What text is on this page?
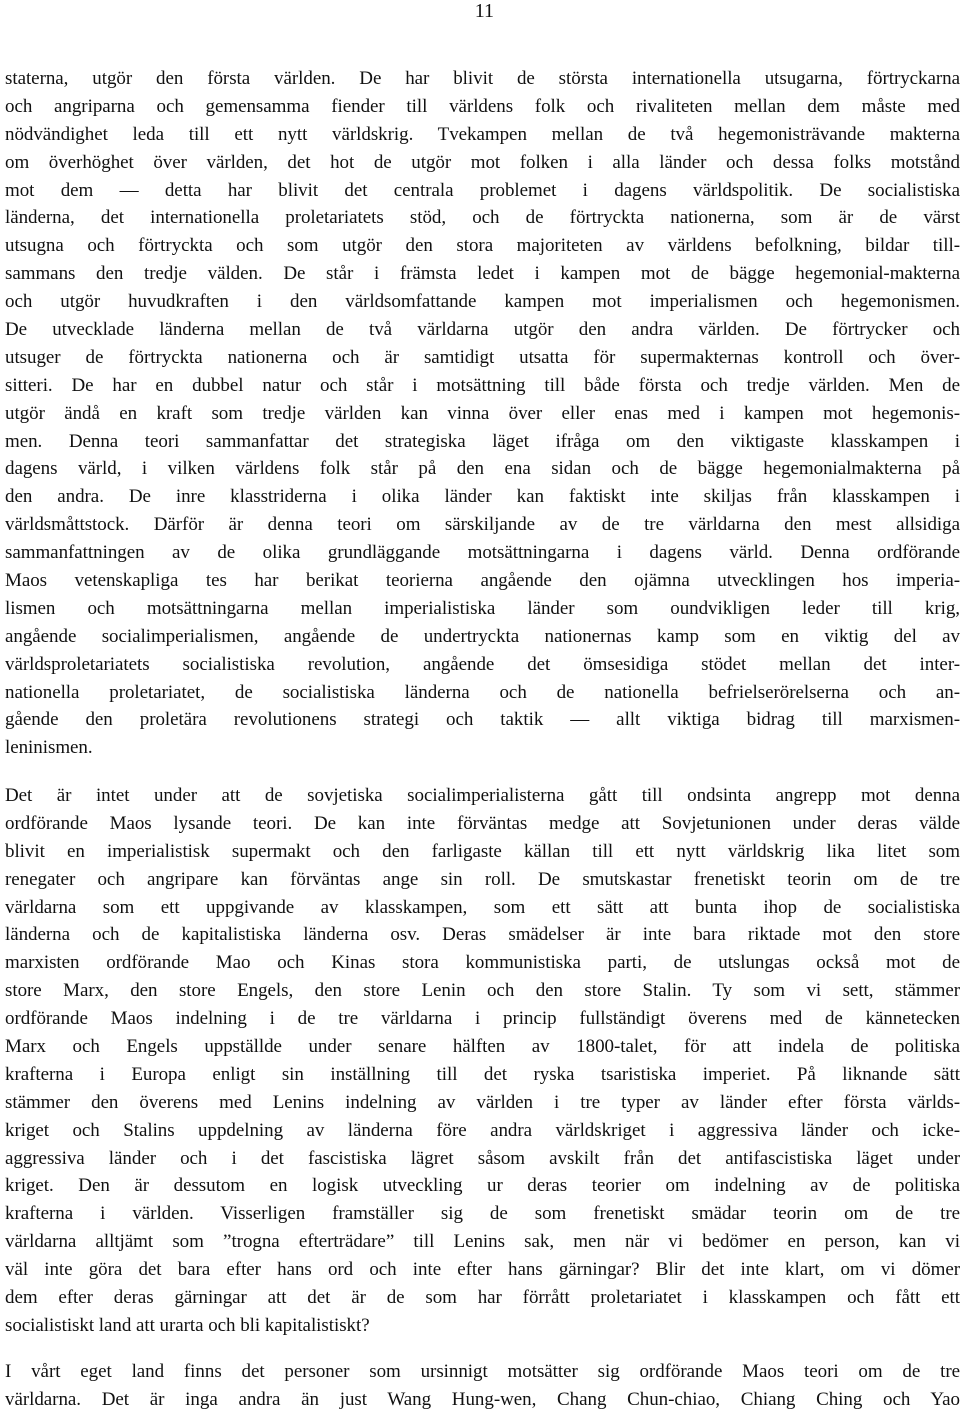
11
staterna, utgör den första världen. De har blivit de största internationella utsugarna, förtryckarna
och angriparna och gemensamma fiender till världens folk och rivaliteten mellan dem måste med
nödvändighet leda till ett nytt världskrig. Tvekampen mellan de två hegemonisträvande makterna
om överhöghet över världen, det hot de utgör mot folken i alla länder och dessa folks motstånd
mot dem — detta har blivit det centrala problemet i dagens världspolitik. De socialistiska
länderna, det internationella proletariatets stöd, och de förtryckta nationerna, som är de värst
utsugna och förtryckta och som utgör den stora majoriteten av världens befolkning, bildar till-
sammans den tredje välden. De står i främsta ledet i kampen mot de bägge hegemonial-makterna
och utgör huvudkraften i den världsomfattande kampen mot imperialismen och hegemonismen.
De utvecklade länderna mellan de två världarna utgör den andra världen. De förtrycker och
utsuger de förtryckta nationerna och är samtidigt utsatta för supermakternas kontroll och över-
sitteri. De har en dubbel natur och står i motsättning till både första och tredje världen. Men de
utgör ändå en kraft som tredje världen kan vinna över eller enas med i kampen mot hegemonis-
men. Denna teori sammanfattar det strategiska läget ifråga om den viktigaste klasskampen i
dagens värld, i vilken världens folk står på den ena sidan och de bägge hegemonialmakterna på
den andra. De inre klasstriderna i olika länder kan faktiskt inte skiljas från klasskampen i
världsmåttstock. Därför är denna teori om särskiljande av de tre världarna den mest allsidiga
sammanfattningen av de olika grundläggande motsättningarna i dagens värld. Denna ordförande
Maos vetenskapliga tes har berikat teorierna angående den ojämna utvecklingen hos imperia-
lismen och motsättningarna mellan imperialistiska länder som oundvikligen leder till krig,
angående socialimperialismen, angående de undertryckta nationernas kamp som en viktig del av
världsproletariatets socialistiska revolution, angående det ömsesidiga stödet mellan det inter-
nationella proletariatet, de socialistiska länderna och de nationella befrielserörelserna och an-
gående den proletära revolutionens strategi och taktik — allt viktiga bidrag till marxismen-
leninismen.
Det är intet under att de sovjetiska socialimperialisterna gått till ondsinta angrepp mot denna
ordförande Maos lysande teori. De kan inte förväntas medge att Sovjetunionen under deras välde
blivit en imperialistisk supermakt och den farligaste källan till ett nytt världskrig lika litet som
renegater och angripare kan förväntas ange sin roll. De smutskastar frenetiskt teorin om de tre
världarna som ett uppgivande av klasskampen, som ett sätt att bunta ihop de socialistiska
länderna och de kapitalistiska länderna osv. Deras smädelser är inte bara riktade mot den store
marxisten ordförande Mao och Kinas stora kommunistiska parti, de utslungas också mot de
store Marx, den store Engels, den store Lenin och den store Stalin. Ty som vi sett, stämmer
ordförande Maos indelning i de tre världarna i princip fullständigt överens med de kännetecken
Marx och Engels uppställde under senare hälften av 1800-talet, för att indela de politiska
krafterna i Europa enligt sin inställning till det ryska tsaristiska imperiet. På liknande sätt
stämmer den överens med Lenins indelning av världen i tre typer av länder efter första världs-
kriget och Stalins uppdelning av länderna före andra världskriget i aggressiva länder och icke-
aggressiva länder och i det fascistiska lägret såsom avskilt från det antifascistiska läget under
kriget. Den är dessutom en logisk utveckling ur deras teorier om indelning av de politiska
krafterna i världen. Visserligen framställer sig de som frenetiskt smädar teorin om de tre
världarna alltjämt som ”trogna efterträdare” till Lenins sak, men när vi bedömer en person, kan vi
väl inte göra det bara efter hans ord och inte efter hans gärningar? Blir det inte klart, om vi dömer
dem efter deras gärningar att det är de som har förrått proletariatet i klasskampen och fått ett
socialistiskt land att urarta och bli kapitalistiskt?
I vårt eget land finns det personer som ursinnigt motsätter sig ordförande Maos teori om de tre
världarna. Det är inga andra än just Wang Hung-wen, Chang Chun-chiao, Chiang Ching och Yao
